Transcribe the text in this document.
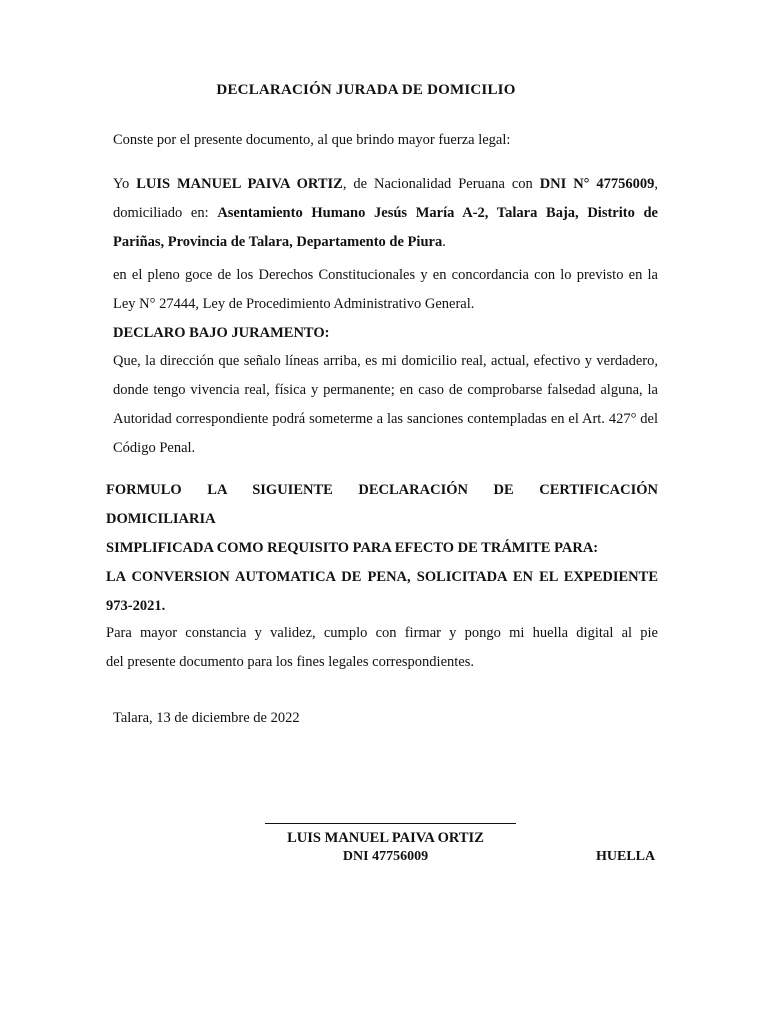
DECLARACIÓN JURADA DE DOMICILIO

Conste por el presente documento, al que brindo mayor fuerza legal:

Yo LUIS MANUEL PAIVA ORTIZ, de Nacionalidad Peruana con DNI N° 47756009, domiciliado en: Asentamiento Humano Jesús María A-2, Talara Baja, Distrito de Pariñas, Provincia de Talara, Departamento de Piura.

en el pleno goce de los Derechos Constitucionales y en concordancia con lo previsto en la Ley N° 27444, Ley de Procedimiento Administrativo General.

DECLARO BAJO JURAMENTO:

Que, la dirección que señalo líneas arriba, es mi domicilio real, actual, efectivo y verdadero, donde tengo vivencia real, física y permanente; en caso de comprobarse falsedad alguna, la Autoridad correspondiente podrá someterme a las sanciones contempladas en el Art. 427° del Código Penal.

FORMULO LA SIGUIENTE DECLARACIÓN DE CERTIFICACIÓN DOMICILIARIA
SIMPLIFICADA COMO REQUISITO PARA EFECTO DE TRÁMITE PARA:
LA CONVERSION AUTOMATICA DE PENA, SOLICITADA EN EL EXPEDIENTE
973-2021.
Para mayor constancia y validez, cumplo con firmar y pongo mi huella digital al pie
del presente documento para los fines legales correspondientes.
Talara, 13 de diciembre de 2022
LUIS MANUEL PAIVA ORTIZ
DNI 47756009	HUELLA
